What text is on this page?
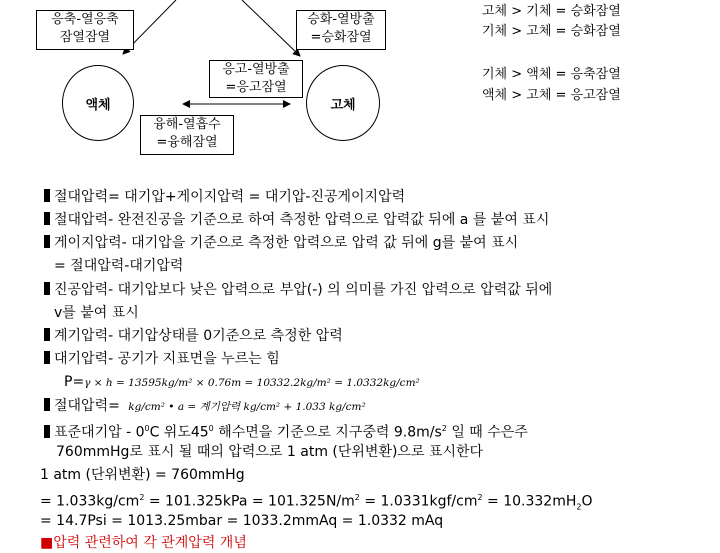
응축-열응축
잠열잠열
승화-열방출
=승화잠열
응고-열방출
=응고잠열
융해-열흡수
=융해잠열
액체	고체
고체 > 기체 = 승화잠열
기체 > 고체 = 승화잠열
기체 > 액체 = 응축잠열
액체 > 고체 = 응고잠열
절대압력= 대기압+게이지압력 = 대기압-진공게이지압력
절대압력- 완전진공을 기준으로 하여 측정한 압력으로 압력값 뒤에 a 를 붙여 표시
게이지압력- 대기압을 기준으로 측정한 압력으로 압력 값 뒤에 g를 붙여 표시
= 절대압력-대기압력
진공압력- 대기압보다 낮은 압력으로 부압(-) 의 의미를 가진 압력으로 압력값 뒤에
v를 붙여 표시
계기압력- 대기압상태를 0기준으로 측정한 압력
대기압력- 공기가 지표면을 누르는 힘
P=γ × h = 13595kg/m² × 0.76m = 10332.2kg/m² = 1.0332kg/cm²
절대압력= kg/cm² • a = 계기압력 kg/cm² + 1.033 kg/cm²
표준대기압 - $0^0C$ 위도$45^0$ 해수면을 기준으로 지구중력 $9.8m/s^2$ 일 때 수은주
760mmHg로 표시 될 때의 압력으로 1 atm (단위변환)으로 표시한다
1 atm (단위변환) = 760mmHg
= $1.033kg/cm^2 = 101.325kPa = 101.325N/m^2 = 1.0331kgf/cm^2 = 10.332mH_2O$
= 14.7Psi = 1013.25mbar = 1033.2mmAq = 1.0332 mAq
■압력 관련하여 각 관계압력 개념
